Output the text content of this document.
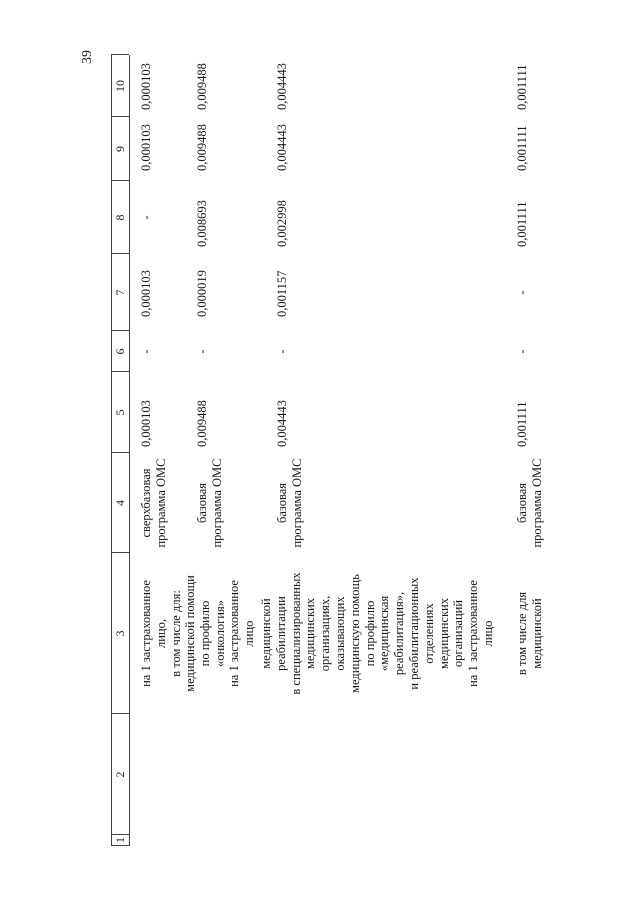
39
1
2
3
4
5
6
7
8
9
10
на 1 застрахованное лицо, в том числе для:
сверхбазовая программа ОМС
0,000103
-
0,000103
-
0,000103
0,000103
медицинской помощи по профилю «онкология» на 1 застрахованное лицо
базовая программа ОМС
0,009488
-
0,000019
0,008693
0,009488
0,009488
медицинской реабилитации в специализированных медицинских организациях, оказывающих медицинскую помощь по профилю «медицинская реабилитация», и реабилитационных отделениях медицинских организаций на 1 застрахованное лицо
базовая программа ОМС
0,004443
-
0,001157
0,002998
0,004443
0,004443
в том числе для медицинской
базовая программа ОМС
0,001111
-
-
0,001111
0,001111
0,001111
